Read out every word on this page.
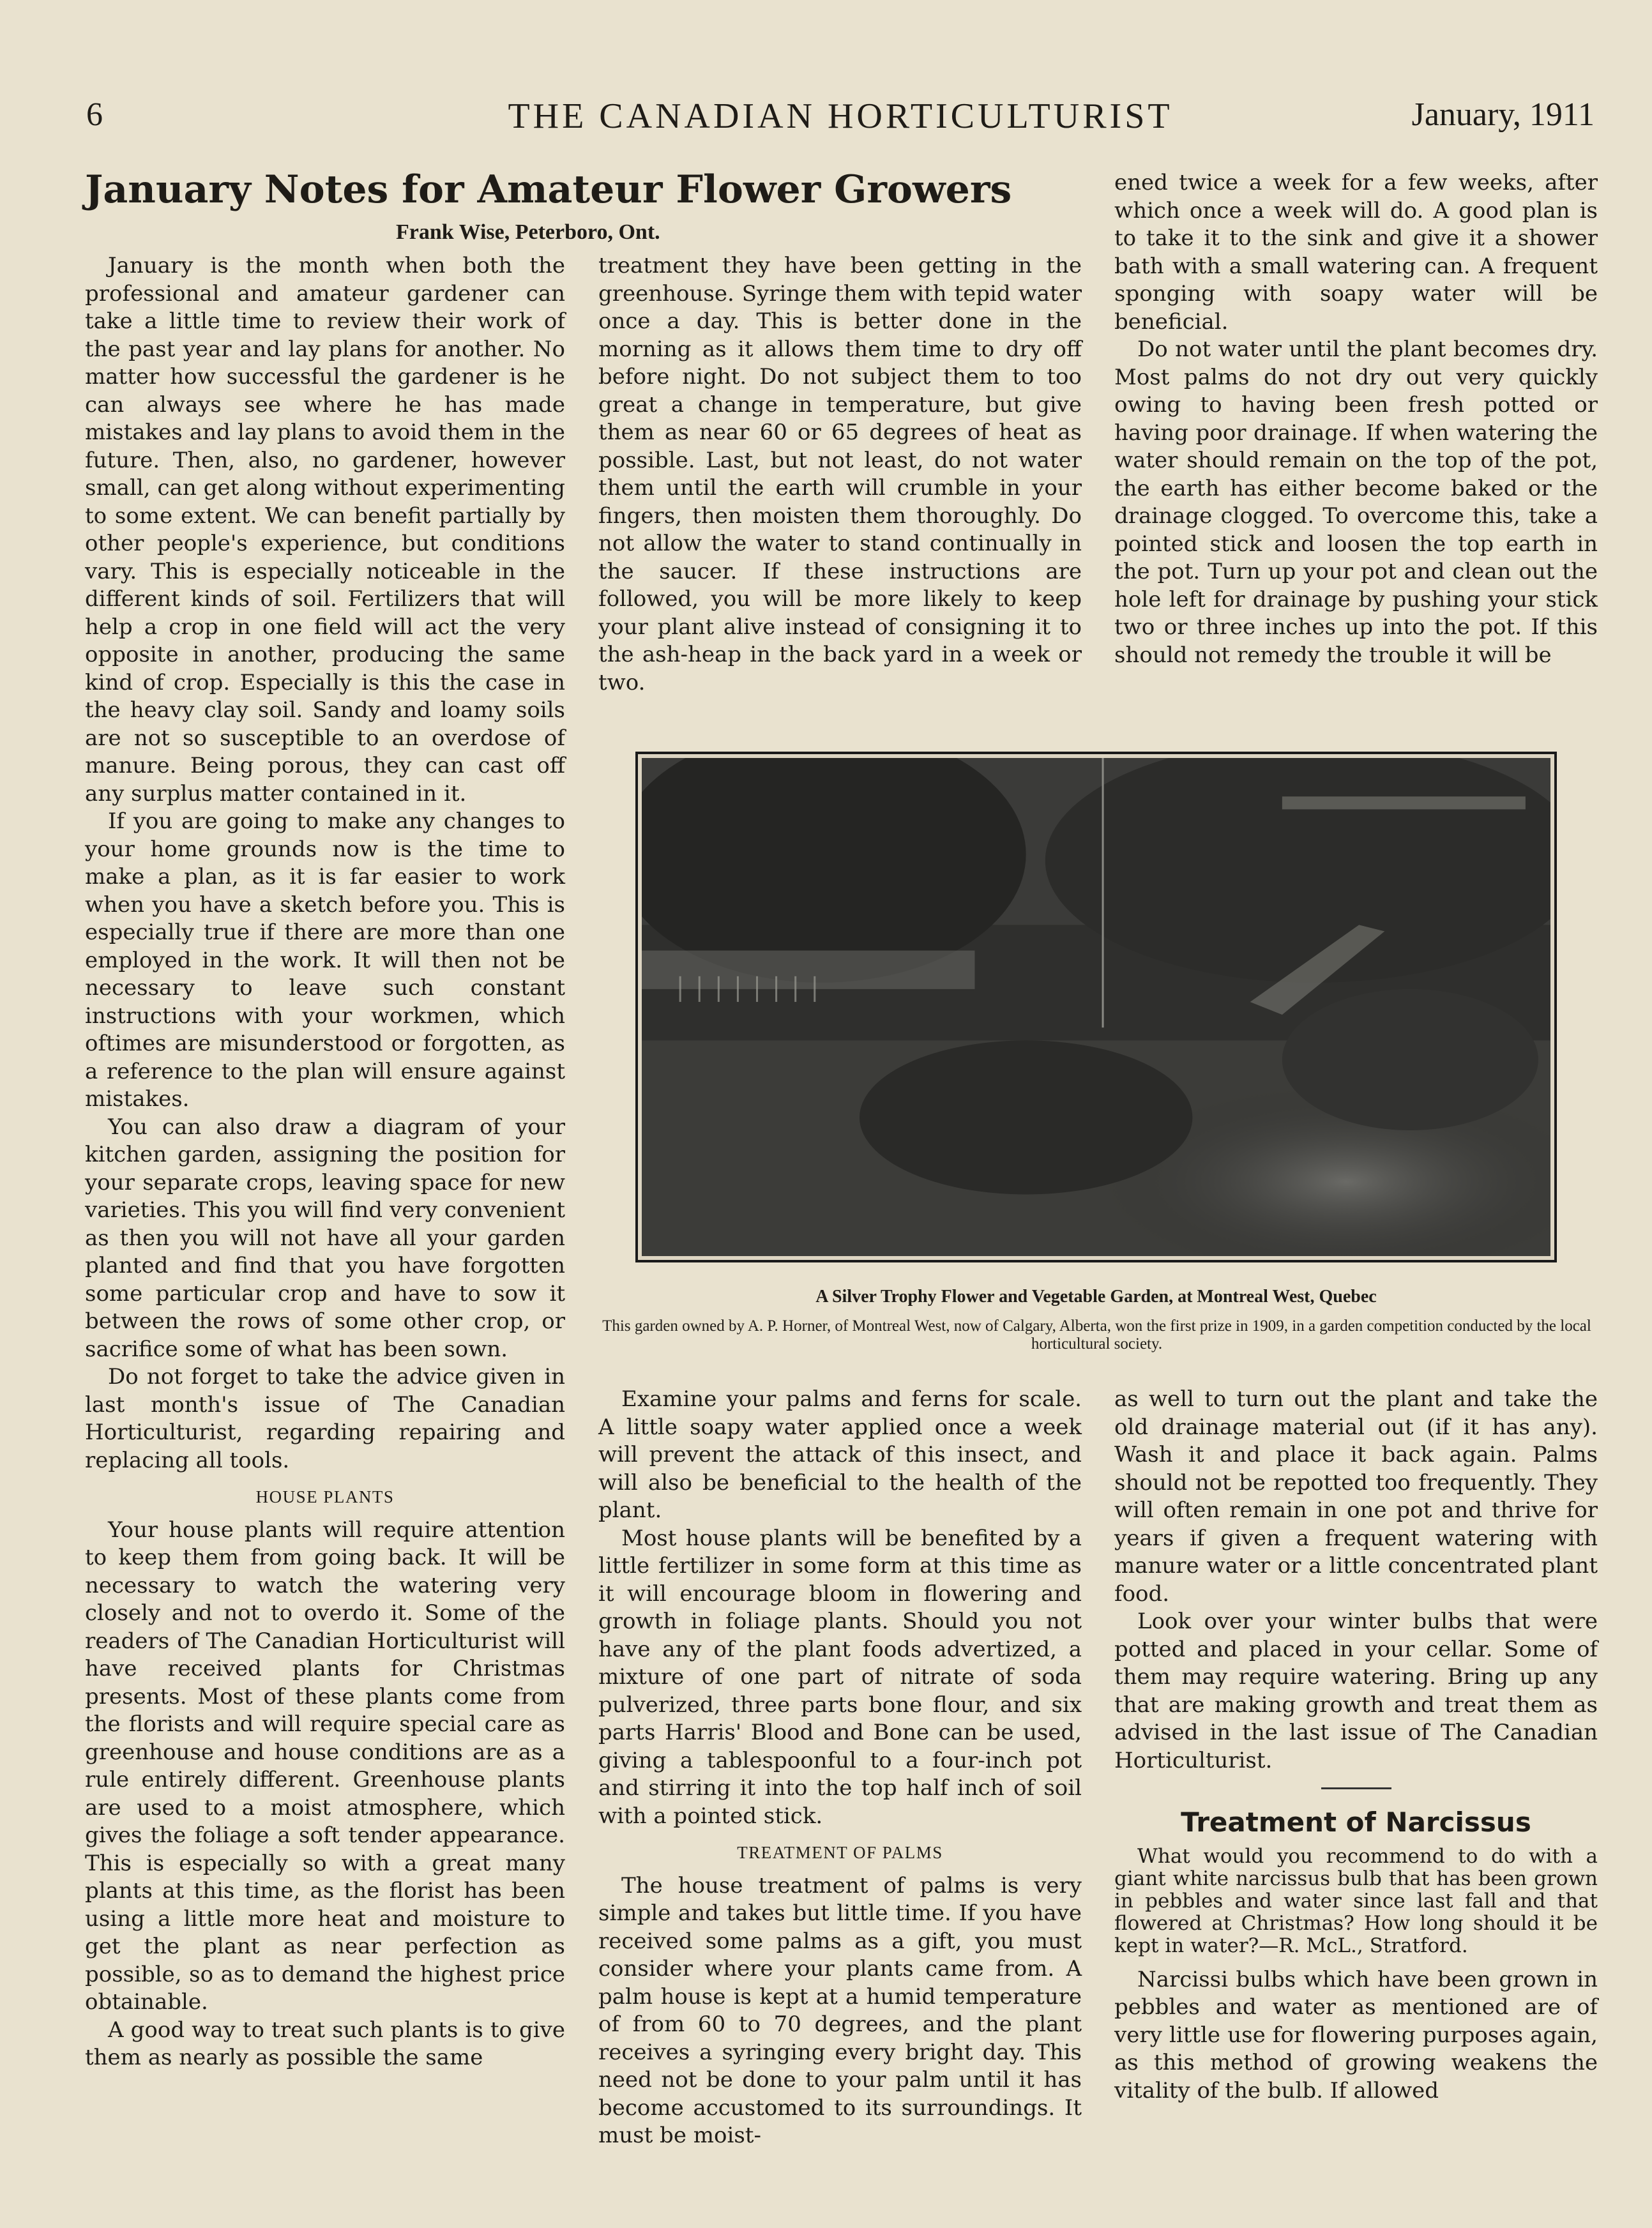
6	THE CANADIAN HORTICULTURIST	January, 1911
January Notes for Amateur Flower Growers
Frank Wise, Peterboro, Ont.

January is the month when both the professional and amateur gardener can take a little time to review their work of the past year and lay plans for another. No matter how successful the gardener is he can always see where he has made mistakes and lay plans to avoid them in the future. Then, also, no gardener, however small, can get along without experimenting to some extent. We can benefit partially by other people's experience, but conditions vary. This is especially noticeable in the different kinds of soil. Fertilizers that will help a crop in one field will act the very opposite in another, producing the same kind of crop. Especially is this the case in the heavy clay soil. Sandy and loamy soils are not so susceptible to an overdose of manure. Being porous, they can cast off any surplus matter contained in it.

If you are going to make any changes to your home grounds now is the time to make a plan, as it is far easier to work when you have a sketch before you. This is especially true if there are more than one employed in the work. It will then not be necessary to leave such constant instructions with your workmen, which oftimes are misunderstood or forgotten, as a reference to the plan will ensure against mistakes.

You can also draw a diagram of your kitchen garden, assigning the position for your separate crops, leaving space for new varieties. This you will find very convenient as then you will not have all your garden planted and find that you have forgotten some particular crop and have to sow it between the rows of some other crop, or sacrifice some of what has been sown.

Do not forget to take the advice given in last month's issue of The Canadian Horticulturist, regarding repairing and replacing all tools.

HOUSE PLANTS

Your house plants will require attention to keep them from going back. It will be necessary to watch the watering very closely and not to overdo it. Some of the readers of The Canadian Horticulturist will have received plants for Christmas presents. Most of these plants come from the florists and will require special care as greenhouse and house conditions are as a rule entirely different. Greenhouse plants are used to a moist atmosphere, which gives the foliage a soft tender appearance. This is especially so with a great many plants at this time, as the florist has been using a little more heat and moisture to get the plant as near perfection as possible, so as to demand the highest price obtainable.

A good way to treat such plants is to give them as nearly as possible the same

treatment they have been getting in the greenhouse. Syringe them with tepid water once a day. This is better done in the morning as it allows them time to dry off before night. Do not subject them to too great a change in temperature, but give them as near 60 or 65 degrees of heat as possible. Last, but not least, do not water them until the earth will crumble in your fingers, then moisten them thoroughly. Do not allow the water to stand continually in the saucer. If these instructions are followed, you will be more likely to keep your plant alive instead of consigning it to the ash-heap in the back yard in a week or two.

ened twice a week for a few weeks, after which once a week will do. A good plan is to take it to the sink and give it a shower bath with a small watering can. A frequent sponging with soapy water will be beneficial.

Do not water until the plant becomes dry. Most palms do not dry out very quickly owing to having been fresh potted or having poor drainage. If when watering the water should remain on the top of the pot, the earth has either become baked or the drainage clogged. To overcome this, take a pointed stick and loosen the top earth in the pot. Turn up your pot and clean out the hole left for drainage by pushing your stick two or three inches up into the pot. If this should not remedy the trouble it will be

A Silver Trophy Flower and Vegetable Garden, at Montreal West, Quebec
This garden owned by A. P. Horner, of Montreal West, now of Calgary, Alberta, won the first prize in 1909, in a garden competition conducted by the local horticultural society.

Examine your palms and ferns for scale. A little soapy water applied once a week will prevent the attack of this insect, and will also be beneficial to the health of the plant.

Most house plants will be benefited by a little fertilizer in some form at this time as it will encourage bloom in flowering and growth in foliage plants. Should you not have any of the plant foods advertized, a mixture of one part of nitrate of soda pulverized, three parts bone flour, and six parts Harris' Blood and Bone can be used, giving a tablespoonful to a four-inch pot and stirring it into the top half inch of soil with a pointed stick.

TREATMENT OF PALMS

The house treatment of palms is very simple and takes but little time. If you have received some palms as a gift, you must consider where your plants came from. A palm house is kept at a humid temperature of from 60 to 70 degrees, and the plant receives a syringing every bright day. This need not be done to your palm until it has become accustomed to its surroundings. It must be moist-

as well to turn out the plant and take the old drainage material out (if it has any). Wash it and place it back again. Palms should not be repotted too frequently. They will often remain in one pot and thrive for years if given a frequent watering with manure water or a little concentrated plant food.

Look over your winter bulbs that were potted and placed in your cellar. Some of them may require watering. Bring up any that are making growth and treat them as advised in the last issue of The Canadian Horticulturist.

Treatment of Narcissus

What would you recommend to do with a giant white narcissus bulb that has been grown in pebbles and water since last fall and that flowered at Christmas? How long should it be kept in water?—R. McL., Stratford.

Narcissi bulbs which have been grown in pebbles and water as mentioned are of very little use for flowering purposes again, as this method of growing weakens the vitality of the bulb. If allowed
